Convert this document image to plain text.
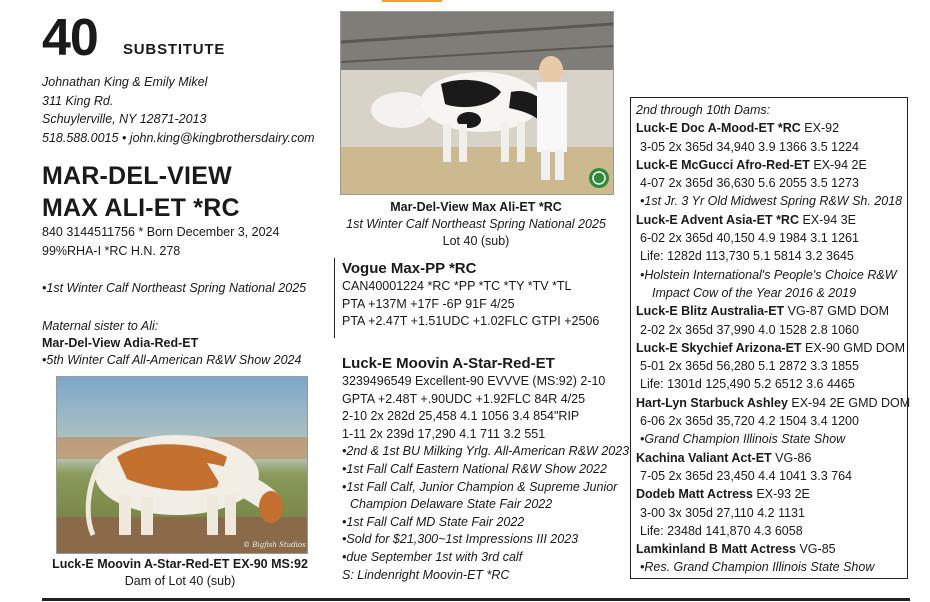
40 SUBSTITUTE
Johnathan King & Emily Mikel
311 King Rd.
Schuylerville, NY 12871-2013
518.588.0015 • john.king@kingbrothersdairy.com
MAR-DEL-VIEW
MAX ALI-ET *RC
840 3144511756 * Born December 3, 2024
99%RHA-I *RC H.N. 278
•1st Winter Calf Northeast Spring National 2025
Maternal sister to Ali:
Mar-Del-View Adia-Red-ET
•5th Winter Calf All-American R&W Show 2024
© Bigfish Studios
Luck-E Moovin A-Star-Red-ET EX-90 MS:92
Dam of Lot 40 (sub)
Mar-Del-View Max Ali-ET *RC
1st Winter Calf Northeast Spring National 2025
Lot 40 (sub)
Vogue Max-PP *RC
CAN40001224 *RC *PP *TC *TY *TV *TL
PTA +137M +17F -6P 91F 4/25
PTA +2.47T +1.51UDC +1.02FLC GTPI +2506
Luck-E Moovin A-Star-Red-ET
3239496549 Excellent-90 EVVVE (MS:92) 2-10
GPTA +2.48T +.90UDC +1.92FLC 84R 4/25
2-10 2x 282d 25,458 4.1 1056 3.4 854"RIP
1-11 2x 239d 17,290 4.1 711 3.2 551
•2nd & 1st BU Milking Yrlg. All-American R&W 2023
•1st Fall Calf Eastern National R&W Show 2022
•1st Fall Calf, Junior Champion & Supreme Junior
Champion Delaware State Fair 2022
•1st Fall Calf MD State Fair 2022
•Sold for $21,300~1st Impressions III 2023
•due September 1st with 3rd calf
S: Lindenright Moovin-ET *RC
2nd through 10th Dams:
Luck-E Doc A-Mood-ET *RC EX-92
3-05 2x 365d 34,940 3.9 1366 3.5 1224
Luck-E McGucci Afro-Red-ET EX-94 2E
4-07 2x 365d 36,630 5.6 2055 3.5 1273
•1st Jr. 3 Yr Old Midwest Spring R&W Sh. 2018
Luck-E Advent Asia-ET *RC EX-94 3E
6-02 2x 365d 40,150 4.9 1984 3.1 1261
Life: 1282d 113,730 5.1 5814 3.2 3645
•Holstein International's People's Choice R&W
Impact Cow of the Year 2016 & 2019
Luck-E Blitz Australia-ET VG-87 GMD DOM
2-02 2x 365d 37,990 4.0 1528 2.8 1060
Luck-E Skychief Arizona-ET EX-90 GMD DOM
5-01 2x 365d 56,280 5.1 2872 3.3 1855
Life: 1301d 125,490 5.2 6512 3.6 4465
Hart-Lyn Starbuck Ashley EX-94 2E GMD DOM
6-06 2x 365d 35,720 4.2 1504 3.4 1200
•Grand Champion Illinois State Show
Kachina Valiant Act-ET VG-86
7-05 2x 365d 23,450 4.4 1041 3.3 764
Dodeb Matt Actress EX-93 2E
3-00 3x 305d 27,110 4.2 1131
Life: 2348d 141,870 4.3 6058
Lamkinland B Matt Actress VG-85
•Res. Grand Champion Illinois State Show
